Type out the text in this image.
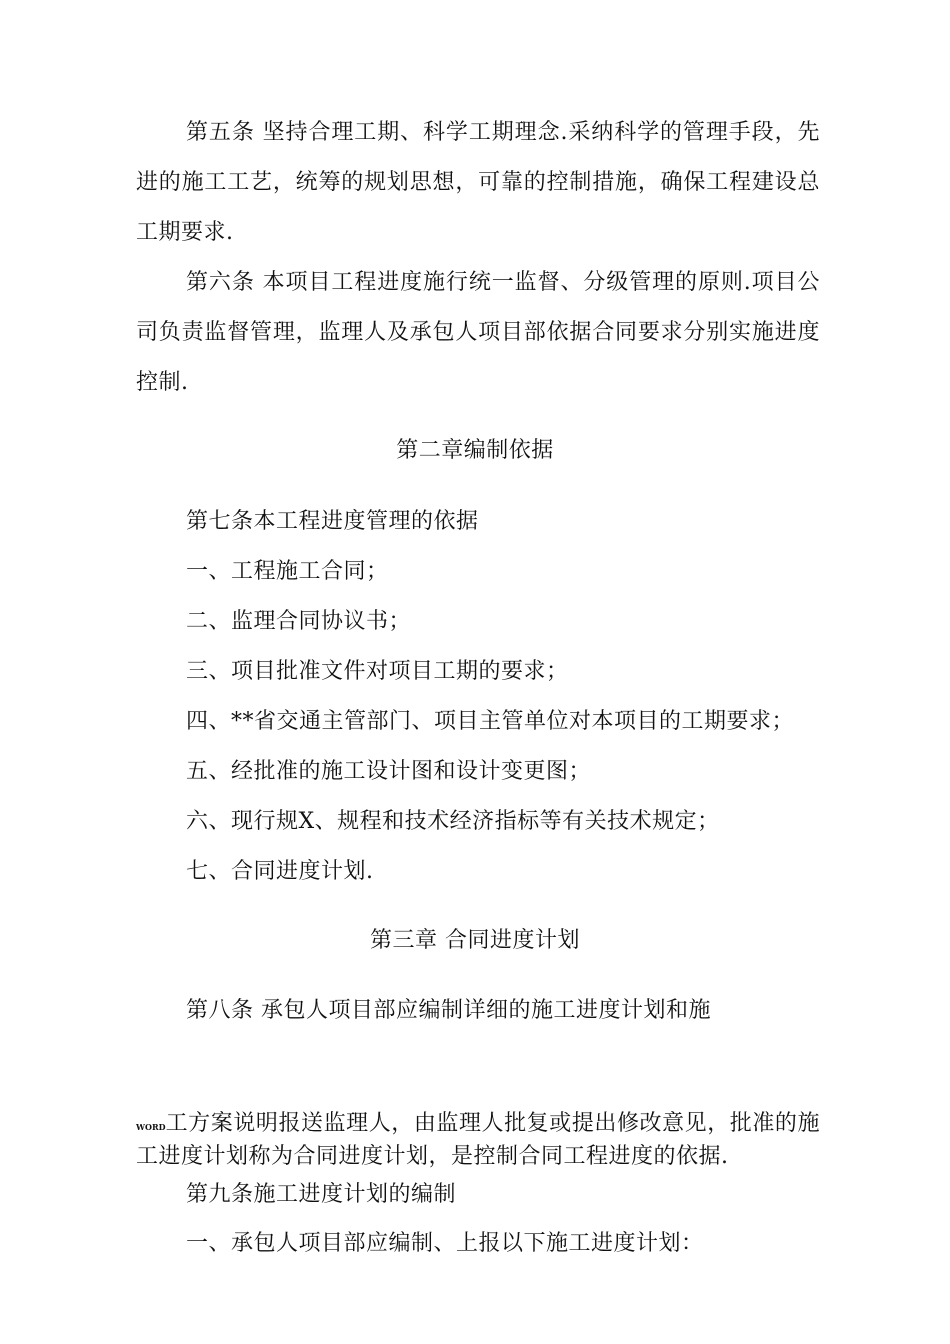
第五条 坚持合理工期、科学工期理念.采纳科学的管理手段，先进的施工工艺，统筹的规划思想，可靠的控制措施，确保工程建设总工期要求.
第六条 本项目工程进度施行统一监督、分级管理的原则.项目公司负责监督管理，监理人及承包人项目部依据合同要求分别实施进度控制.
第二章编制依据
第七条本工程进度管理的依据
一、工程施工合同；
二、监理合同协议书；
三、项目批准文件对项目工期的要求；
四、**省交通主管部门、项目主管单位对本项目的工期要求；
五、经批准的施工设计图和设计变更图；
六、现行规X、规程和技术经济指标等有关技术规定；
七、合同进度计划.
第三章 合同进度计划
第八条 承包人项目部应编制详细的施工进度计划和施
WORD工方案说明报送监理人，由监理人批复或提出修改意见，批准的施工进度计划称为合同进度计划，是控制合同工程进度的依据.
第九条施工进度计划的编制
一、承包人项目部应编制、上报以下施工进度计划：
